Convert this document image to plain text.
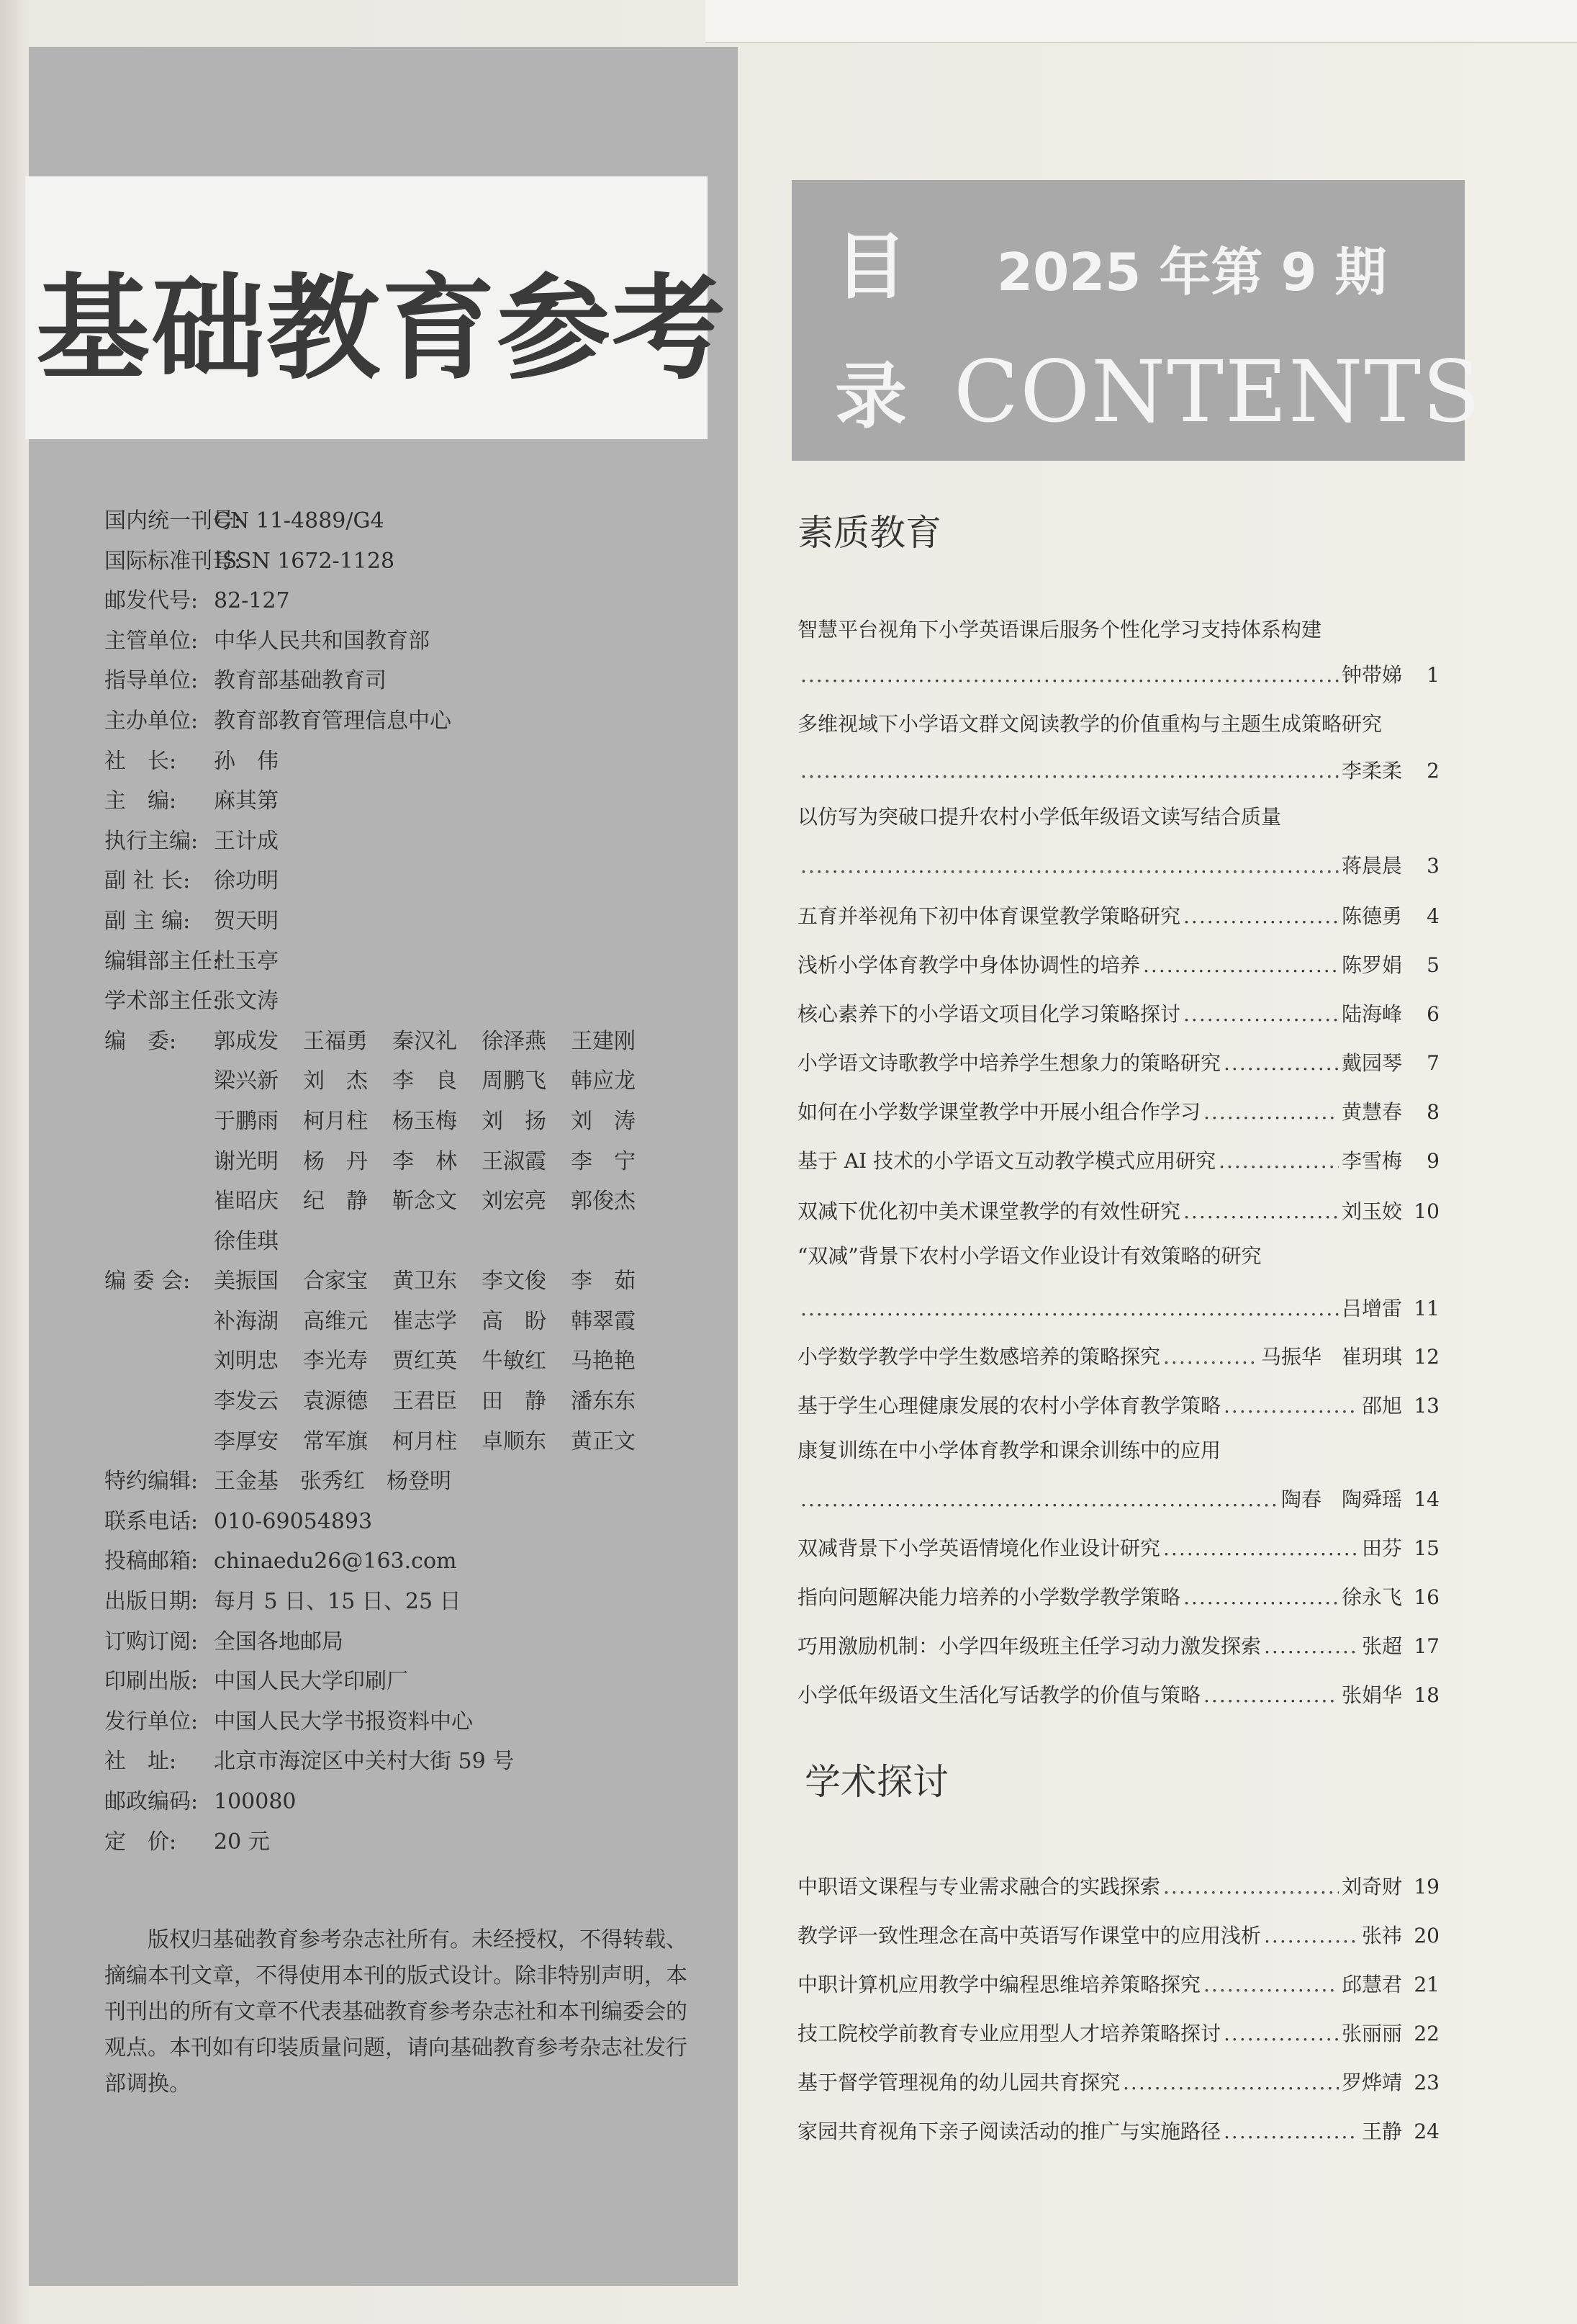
基础教育参考
国内统一刊号:
CN 11-4889/G4
国际标准刊号:
ISSN 1672-1128
邮发代号: 82-127
主管单位: 中华人民共和国教育部
指导单位: 教育部基础教育司
主办单位: 教育部教育管理信息中心
社　长:	孙　伟
主　编:	麻其第
执行主编: 王计成
副 社 长:	徐功明
副 主 编:	贺天明
编辑部主任:
杜玉亭
学术部主任:
张文涛
编　委:	郭成发	王福勇	秦汉礼	徐泽燕	王建刚
梁兴新	刘　杰	李　良	周鹏飞	韩应龙
于鹏雨	柯月柱	杨玉梅	刘　扬	刘　涛
谢光明	杨　丹	李　林	王淑霞	李　宁
崔昭庆	纪　静	靳念文	刘宏亮	郭俊杰
徐佳琪
编 委 会:	美振国	合家宝	黄卫东	李文俊	李　茹
补海湖	高维元	崔志学	高　盼	韩翠霞
刘明忠	李光寿	贾红英	牛敏红	马艳艳
李发云	袁源德	王君臣	田　静	潘东东
李厚安	常军旗	柯月柱	卓顺东	黄正文
特约编辑: 王金基　张秀红　杨登明
联系电话: 010-69054893
投稿邮箱: chinaedu26@163.com
出版日期: 每月 5 日、15 日、25 日
订购订阅: 全国各地邮局
印刷出版: 中国人民大学印刷厂
发行单位: 中国人民大学书报资料中心
社　址:	北京市海淀区中关村大街 59 号
邮政编码: 100080
定　价:	20 元

版权归基础教育参考杂志社所有。未经授权，不得转载、摘编本刊文章，不得使用本刊的版式设计。除非特别声明，本刊刊出的所有文章不代表基础教育参考杂志社和本刊编委会的观点。本刊如有印装质量问题，请向基础教育参考杂志社发行部调换。

目
录
2025 年第 9 期
CONTENTS
素质教育
智慧平台视角下小学英语课后服务个性化学习支持体系构建
.....
钟带娣	1
多维视域下小学语文群文阅读教学的价值重构与主题生成策略研究
.....
李柔柔	2
以仿写为突破口提升农村小学低年级语文读写结合质量
.....
蒋晨晨	3
五育并举视角下初中体育课堂教学策略研究 .....	陈德勇	4
浅析小学体育教学中身体协调性的培养 .....	陈罗娟	5
核心素养下的小学语文项目化学习策略探讨 .....	陆海峰	6
小学语文诗歌教学中培养学生想象力的策略研究 .....	戴园琴	7
如何在小学数学课堂教学中开展小组合作学习 .....	黄慧春	8
基于 AI 技术的小学语文互动教学模式应用研究 .....	李雪梅	9
双减下优化初中美术课堂教学的有效性研究 .....	刘玉姣 10
“双减”背景下农村小学语文作业设计有效策略的研究
.....
吕增雷 11
小学数学教学中学生数感培养的策略探究 .....	马振华　崔玥琪 12
基于学生心理健康发展的农村小学体育教学策略 .....	邵旭 13
康复训练在中小学体育教学和课余训练中的应用
.....
陶春　陶舜瑶 14
双减背景下小学英语情境化作业设计研究 .....	田芬 15
指向问题解决能力培养的小学数学教学策略 .....	徐永飞 16
巧用激励机制：小学四年级班主任学习动力激发探索 .....	张超 17
小学低年级语文生活化写话教学的价值与策略 .....	张娟华 18
学术探讨
中职语文课程与专业需求融合的实践探索 .....	刘奇财 19
教学评一致性理念在高中英语写作课堂中的应用浅析 .....	张祎 20
中职计算机应用教学中编程思维培养策略探究 .....	邱慧君 21
技工院校学前教育专业应用型人才培养策略探讨 .....	张丽丽 22
基于督学管理视角的幼儿园共育探究 .....	罗烨靖 23
家园共育视角下亲子阅读活动的推广与实施路径 .....	王静 24
